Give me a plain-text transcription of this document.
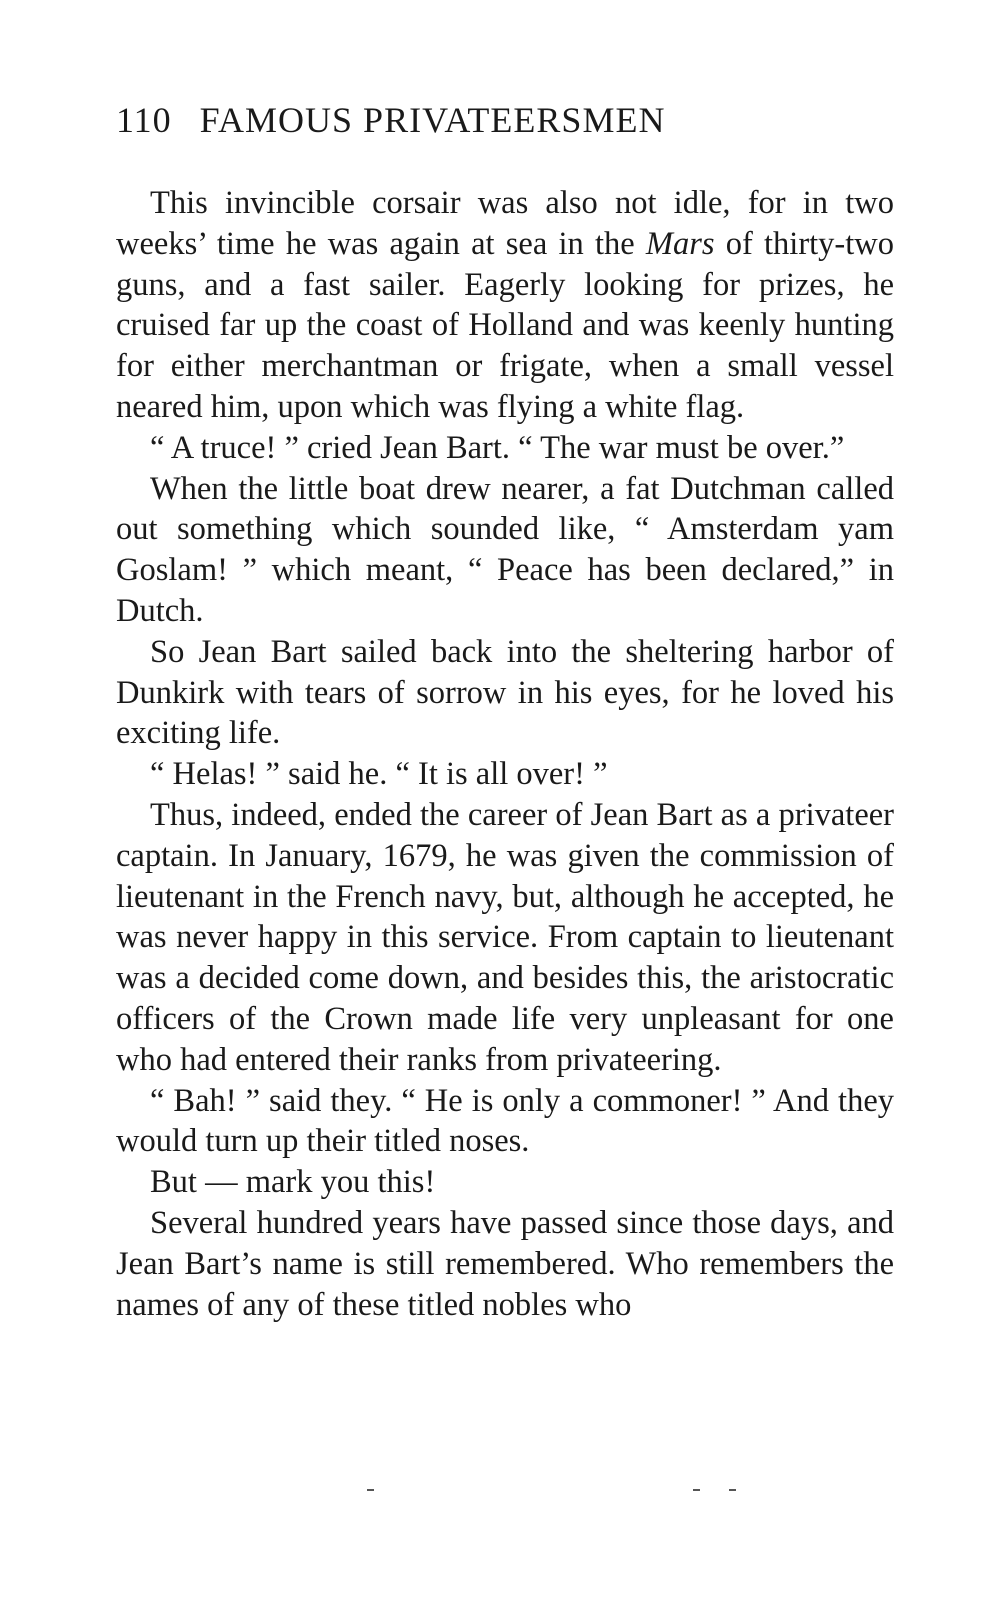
110 FAMOUS PRIVATEERSMEN

This invincible corsair was also not idle, for in two weeks’ time he was again at sea in the Mars of thirty-two guns, and a fast sailer. Eagerly looking for prizes, he cruised far up the coast of Holland and was keenly hunting for either merchantman or frigate, when a small vessel neared him, upon which was flying a white flag.

“ A truce! ” cried Jean Bart. “ The war must be over.”

When the little boat drew nearer, a fat Dutchman called out something which sounded like, “ Amsterdam yam Goslam! ” which meant, “ Peace has been declared,” in Dutch.

So Jean Bart sailed back into the sheltering harbor of Dunkirk with tears of sorrow in his eyes, for he loved his exciting life.

“ Helas! ” said he. “ It is all over! ”

Thus, indeed, ended the career of Jean Bart as a privateer captain. In January, 1679, he was given the commission of lieutenant in the French navy, but, although he accepted, he was never happy in this service. From captain to lieutenant was a decided come down, and besides this, the aristocratic officers of the Crown made life very unpleasant for one who had entered their ranks from privateering.

“ Bah! ” said they. “ He is only a commoner! ” And they would turn up their titled noses.

But — mark you this!

Several hundred years have passed since those days, and Jean Bart’s name is still remembered. Who remembers the names of any of these titled nobles who
